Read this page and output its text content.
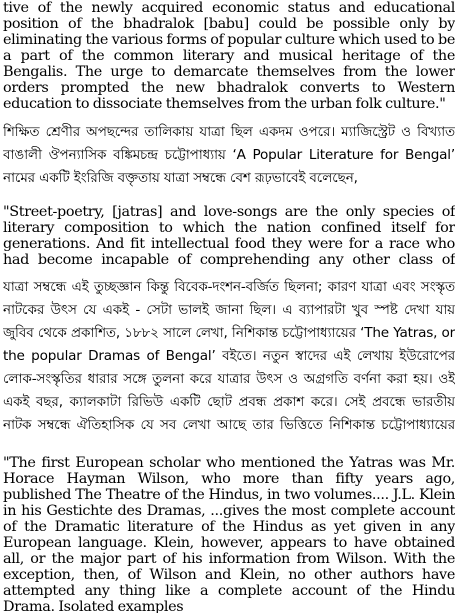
tive of the newly acquired economic status and educational position of the bhadralok [babu] could be possible only by eliminating the various forms of popular culture which used to be a part of the common literary and musical heritage of the Bengalis. The urge to demarcate themselves from the lower orders prompted the new bhadralok converts to Western education to dissociate themselves from the urban folk culture."

শিক্ষিত শ্রেণীর অপছন্দের তালিকায় যাত্রা ছিল একদম ওপরে। ম্যাজিস্ট্রেট ও বিখ্যাত বাঙালী ঔপন্যাসিক বঙ্কিমচন্দ্র চট্টোপাধ্যায় ‘A Popular Literature for Bengal’ নামের একটি ইংরিজি বক্তৃতায় যাত্রা সম্বন্ধে বেশ রূঢ়ভাবেই বলেছেন,

"Street-poetry, [jatras] and love-songs are the only species of literary composition to which the nation confined itself for generations. And fit intellectual food they were for a race who had become incapable of comprehending any other class of

যাত্রা সম্বন্ধে এই তুচ্ছজ্ঞান কিন্তু বিবেক-দংশন-বর্জিত ছিলনা; কারণ যাত্রা এবং সংস্কৃত নাটকের উৎস যে একই - সেটা ভালই জানা ছিল। এ ব্যাপারটা খুব স্পষ্ট দেখা যায় জুবিব থেকে প্রকাশিত, ১৮৮২ সালে লেখা, নিশিকান্ত চট্টোপাধ্যায়ের ‘The Yatras, or the popular Dramas of Bengal’ বইতে। নতুন স্বাদের এই লেখায় ইউরোপের লোক-সংস্কৃতির ধারার সঙ্গে তুলনা করে যাত্রার উৎস ও অগ্রগতি বর্ণনা করা হয়। ওই একই বছর, ক্যালকাটা রিভিউ একটি ছোট প্রবন্ধ প্রকাশ করে। সেই প্রবন্ধে ভারতীয় নাটক সম্বন্ধে ঐতিহাসিক যে সব লেখা আছে তার ভিত্তিতে নিশিকান্ত চট্টোপাধ্যায়ের

"The first European scholar who mentioned the Yatras was Mr. Horace Hayman Wilson, who more than fifty years ago, published The Theatre of the Hindus, in two volumes.... J.L. Klein in his Gestichte des Dramas, ...gives the most complete account of the Dramatic literature of the Hindus as yet given in any European language. Klein, however, appears to have obtained all, or the major part of his information from Wilson. With the exception, then, of Wilson and Klein, no other authors have attempted any thing like a complete account of the Hindu Drama. Isolated examples
